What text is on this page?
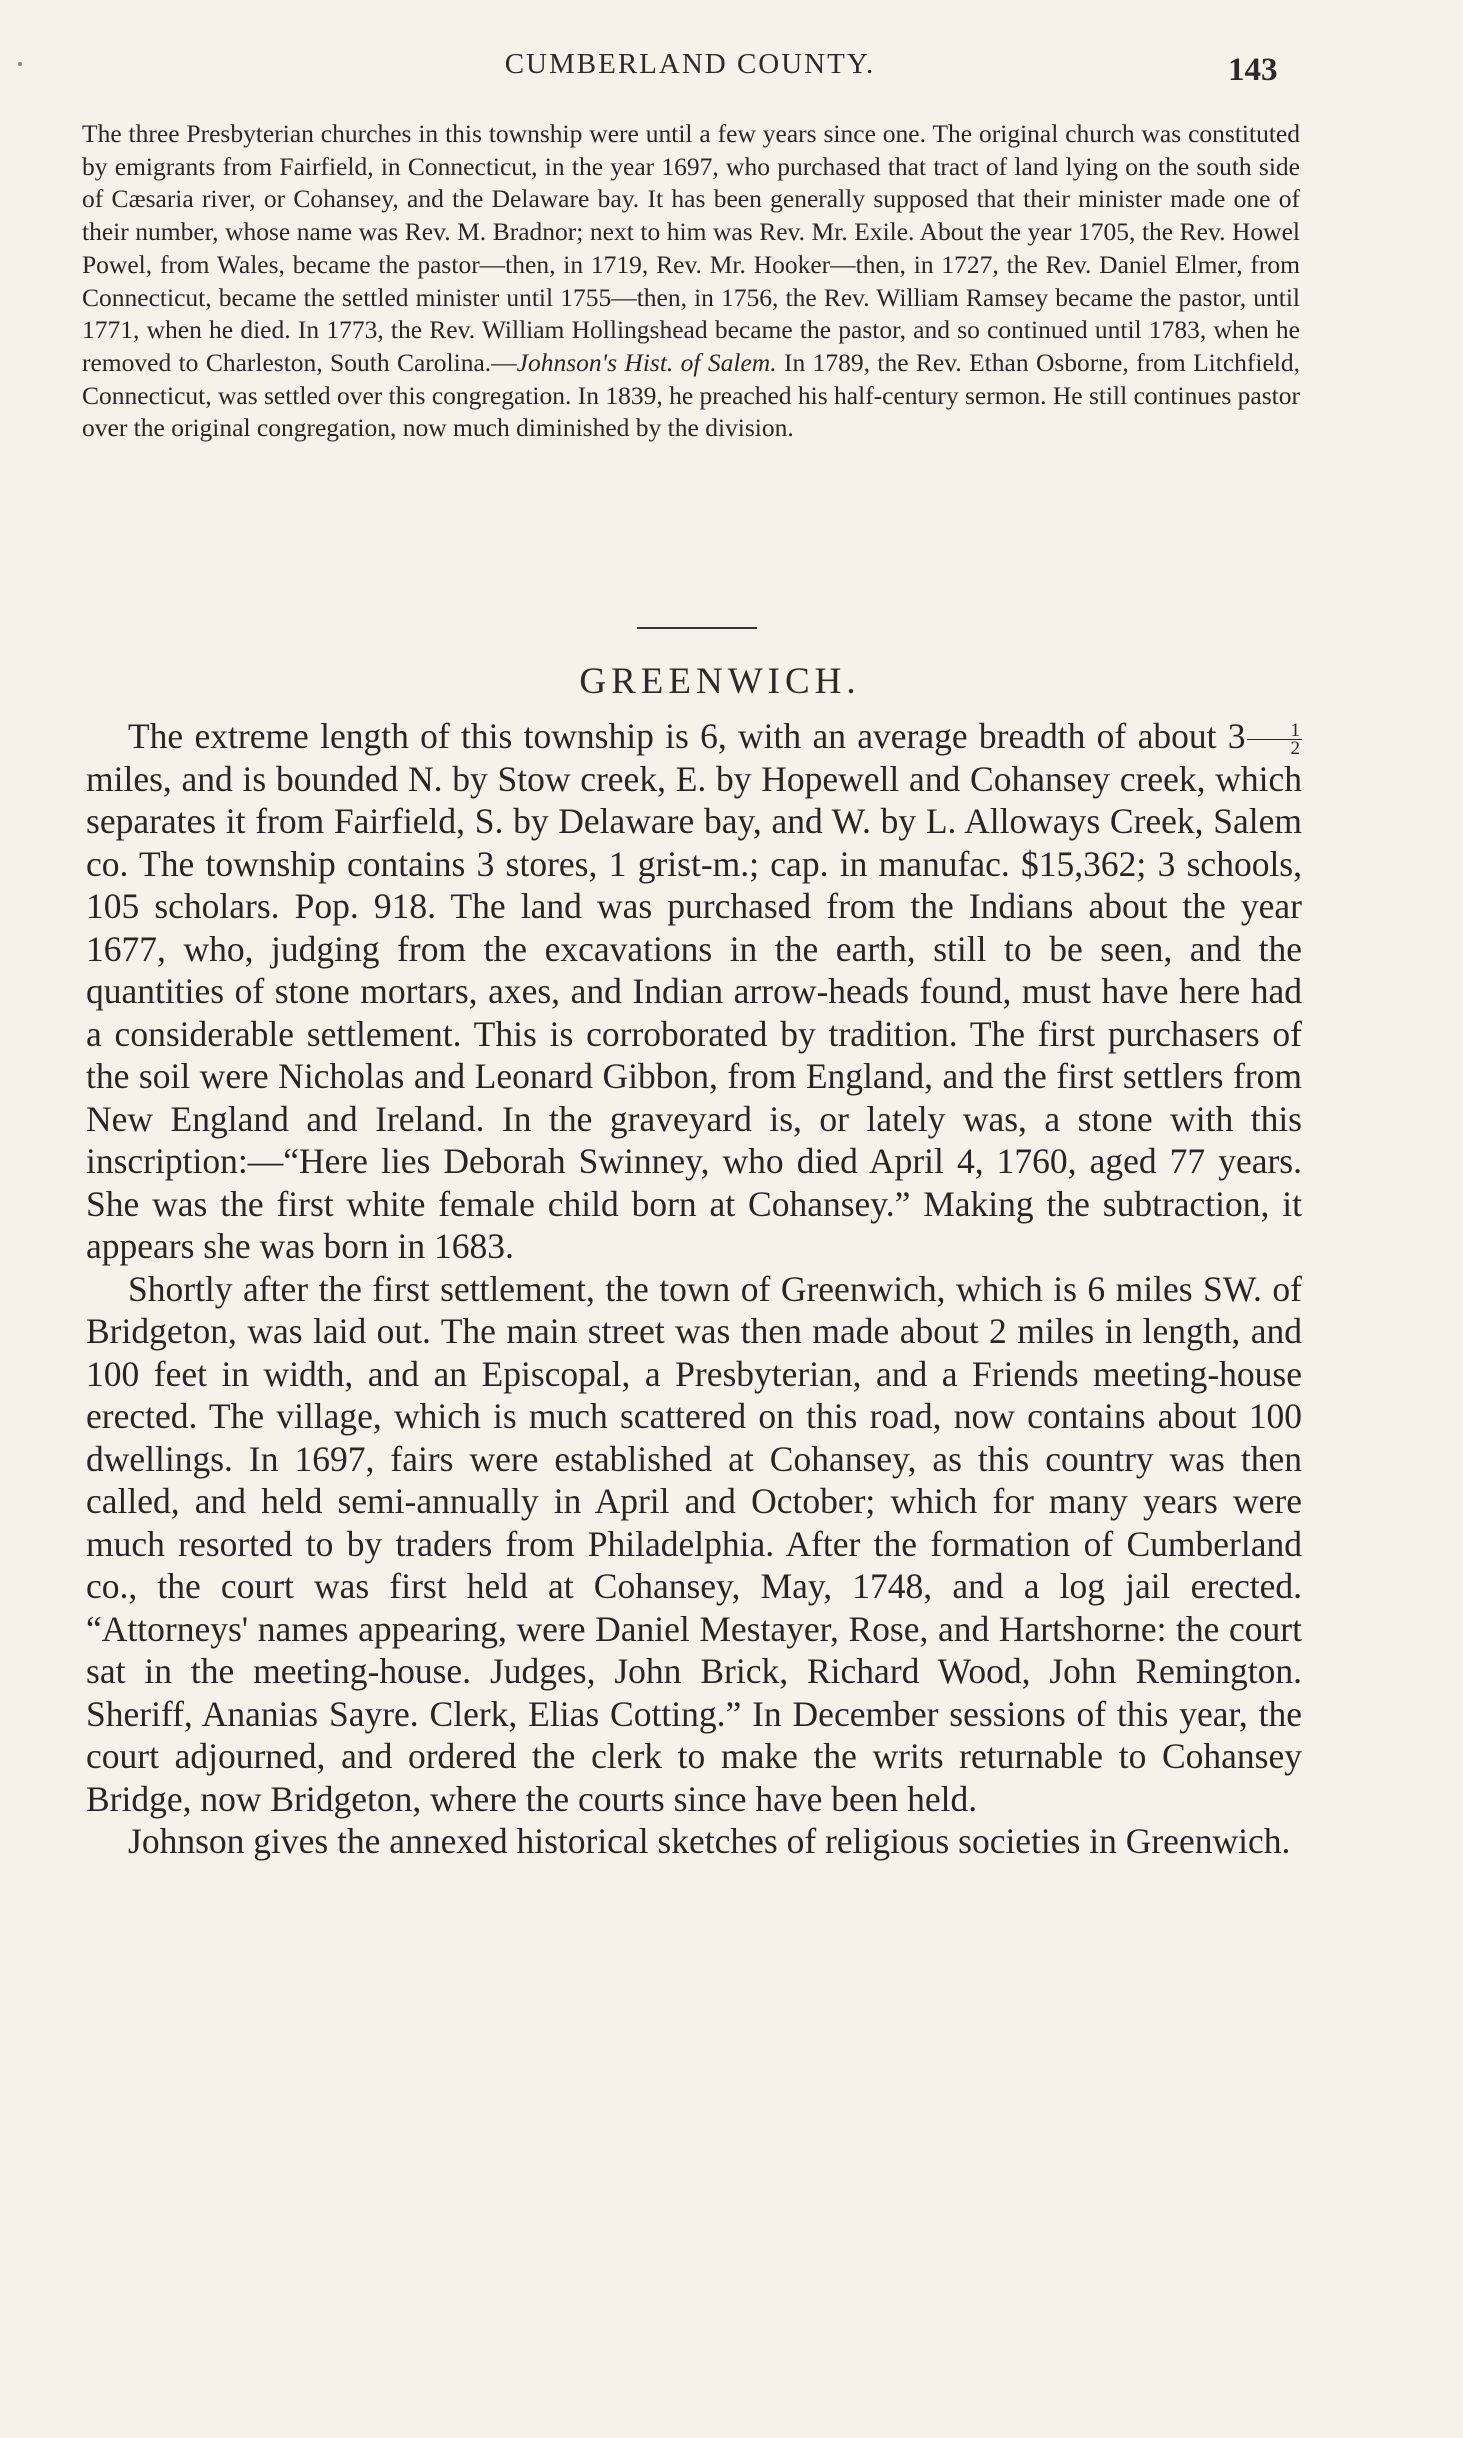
CUMBERLAND COUNTY.	143

The three Presbyterian churches in this township were until a few years since one. The original church was constituted by emigrants from Fairfield, in Connecticut, in the year 1697, who purchased that tract of land lying on the south side of Cæsaria river, or Cohansey, and the Delaware bay. It has been generally supposed that their minister made one of their number, whose name was Rev. M. Bradnor; next to him was Rev. Mr. Exile. About the year 1705, the Rev. Howel Powel, from Wales, became the pastor—then, in 1719, Rev. Mr. Hooker—then, in 1727, the Rev. Daniel Elmer, from Connecticut, became the settled minister until 1755—then, in 1756, the Rev. William Ramsey became the pastor, until 1771, when he died. In 1773, the Rev. William Hollingshead became the pastor, and so continued until 1783, when he removed to Charleston, South Carolina.—Johnson's Hist. of Salem. In 1789, the Rev. Ethan Osborne, from Litchfield, Connecticut, was settled over this congregation. In 1839, he preached his half-century sermon. He still continues pastor over the original congregation, now much diminished by the division.

GREENWICH.

The extreme length of this township is 6, with an average breadth of about $3 \frac{1}{2}$
miles, and is bounded N. by Stow creek, E. by Hopewell and Cohansey creek, which separates it from Fairfield, S. by Delaware bay, and W. by L. Alloways Creek, Salem co. The township contains 3 stores, 1 grist-m.; cap. in manufac. $15,362; 3 schools, 105 scholars. Pop. 918. The land was purchased from the Indians about the year 1677, who, judging from the excavations in the earth, still to be seen, and the quantities of stone mortars, axes, and Indian arrow-heads found, must have here had a considerable settlement. This is corroborated by tradition. The first purchasers of the soil were Nicholas and Leonard Gibbon, from England, and the first settlers from New England and Ireland. In the graveyard is, or lately was, a stone with this inscription:—“Here lies Deborah Swinney, who died April 4, 1760, aged 77 years. She was the first white female child born at Cohansey.” Making the subtraction, it appears she was born in 1683.

Shortly after the first settlement, the town of Greenwich, which is 6 miles SW. of Bridgeton, was laid out. The main street was then made about 2 miles in length, and 100 feet in width, and an Episcopal, a Presbyterian, and a Friends meeting-house erected. The village, which is much scattered on this road, now contains about 100 dwellings. In 1697, fairs were established at Cohansey, as this country was then called, and held semi-annually in April and October; which for many years were much resorted to by traders from Philadelphia. After the formation of Cumberland co., the court was first held at Cohansey, May, 1748, and a log jail erected. “Attorneys' names appearing, were Daniel Mestayer, Rose, and Hartshorne: the court sat in the meeting-house. Judges, John Brick, Richard Wood, John Remington. Sheriff, Ananias Sayre. Clerk, Elias Cotting.” In December sessions of this year, the court adjourned, and ordered the clerk to make the writs returnable to Cohansey Bridge, now Bridgeton, where the courts since have been held.

Johnson gives the annexed historical sketches of religious societies in Greenwich.
